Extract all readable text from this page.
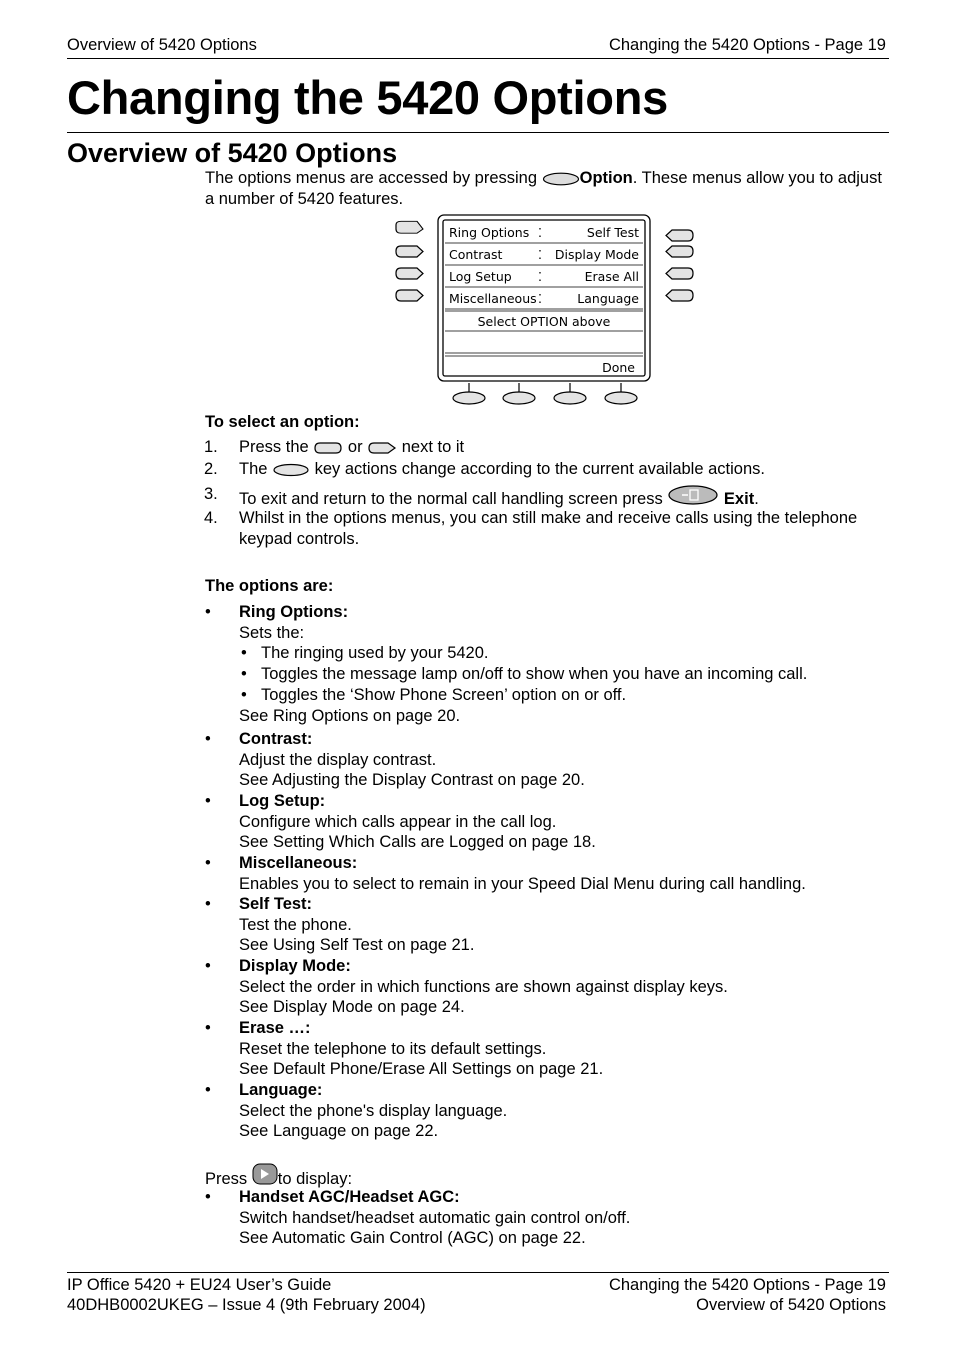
Overview of 5420 Options	Changing the 5420 Options - Page 19
Changing the 5420 Options
Overview of 5420 Options
The options menus are accessed by pressing	Option. These menus allow you to adjust a number of 5420 features.
Ring Options	Self Test
Contrast	Display Mode
Log Setup	Erase All
Miscellaneous	Language
Select OPTION above
Done
⁚
⁚
⁚
⁚
To select an option:
1.	Press the or next to it
2.	The	key actions change according to the current available actions.
3.	To exit and return to the normal call handling screen press	Exit.
4.	Whilst in the options menus, you can still make and receive calls using the telephone keypad controls.
The options are:
•	Ring Options:
Sets the:
• The ringing used by your 5420.
• Toggles the message lamp on/off to show when you have an incoming call.
• Toggles the ‘Show Phone Screen’ option on or off.
See Ring Options on page 20.
•	Contrast:
Adjust the display contrast.
See Adjusting the Display Contrast on page 20.
•	Log Setup:
Configure which calls appear in the call log.
See Setting Which Calls are Logged on page 18.
•	Miscellaneous:
Enables you to select to remain in your Speed Dial Menu during call handling.
•	Self Test:
Test the phone.
See Using Self Test on page 21.
•	Display Mode:
Select the order in which functions are shown against display keys.
See Display Mode on page 24.
•	Erase …:
Reset the telephone to its default settings.
See Default Phone/Erase All Settings on page 21.
•	Language:
Select the phone's display language.
See Language on page 22.
Press to display:
•	Handset AGC/Headset AGC:
Switch handset/headset automatic gain control on/off.
See Automatic Gain Control (AGC) on page 22.
IP Office 5420 + EU24 User’s Guide
40DHB0002UKEG – Issue 4 (9th February 2004)
Changing the 5420 Options - Page 19
Overview of 5420 Options
